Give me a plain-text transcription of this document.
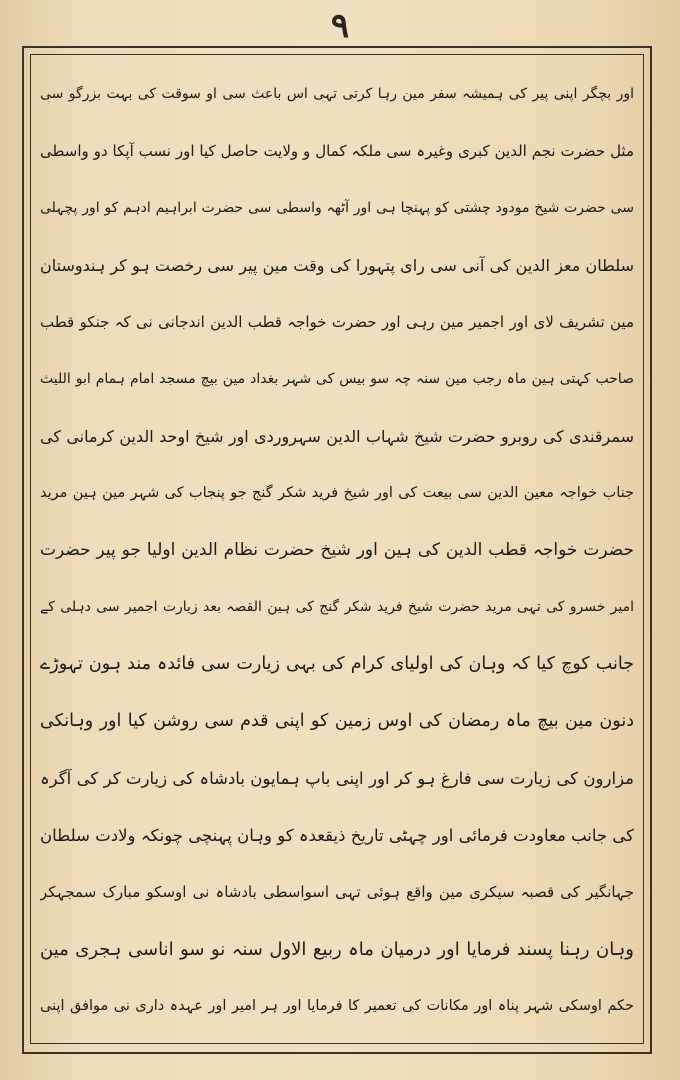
۹
اور بچگر اپنی پیر کی ہمیشہ سفر مین رہا کرتی تہی اس باعث سی او سوقت کی بہت بزرگو سی
مثل حضرت نجم الدین کبری وغیرہ سی ملکہ کمال و ولایت حاصل کیا اور نسب آپکا دو واسطی
سی حضرت شیخ مودود چشتی کو پہنچا ہی اور آٹھہ واسطی سی حضرت ابراہیم ادہم کو اور پچہلی
سلطان معز الدین کی آنی سی رای پتہورا کی وقت مین پیر سی رخصت ہو کر ہندوستان
مین تشریف لای اور اجمیر مین رہی اور حضرت خواجہ قطب الدین اندجانی نی کہ جنکو قطب
صاحب کہتی ہین ماہ رجب مین سنہ چہ سو بیس کی شہر بغداد مین بیچ مسجد امام ہمام ابو اللیث
سمرقندی کی روبرو حضرت شیخ شہاب الدین سہروردی اور شیخ اوحد الدین کرمانی کی
جناب خواجہ معین الدین سی بیعت کی اور شیخ فرید شکر گنج جو پنجاب کی شہر مین ہین مرید
حضرت خواجہ قطب الدین کی ہین اور شیخ حضرت نظام الدین اولیا جو پیر حضرت
امیر خسرو کی تہی مرید حضرت شیخ فرید شکر گنج کی ہین القصہ بعد زیارت اجمیر سی دہلی کے
جانب کوچ کیا کہ وہان کی اولیای کرام کی بہی زیارت سی فائدہ مند ہون تہوڑے
دنون مین بیچ ماہ رمضان کی اوس زمین کو اپنی قدم سی روشن کیا اور وہانکی
مزارون کی زیارت سی فارغ ہو کر اور اپنی باپ ہمایون بادشاہ کی زیارت کر کی آگرہ
کی جانب معاودت فرمائی اور چہٹی تاریخ ذیقعدہ کو وہان پہنچی چونکہ ولادت سلطان
جہانگیر کی قصبہ سیکری مین واقع ہوئی تہی اسواسطی بادشاہ نی اوسکو مبارک سمجہکر
وہان رہنا پسند فرمایا اور درمیان ماہ ربیع الاول سنہ نو سو اناسی ہجری مین
حکم اوسکی شہر پناہ اور مکانات کی تعمیر کا فرمایا اور ہر امیر اور عہدہ داری نی موافق اپنی
